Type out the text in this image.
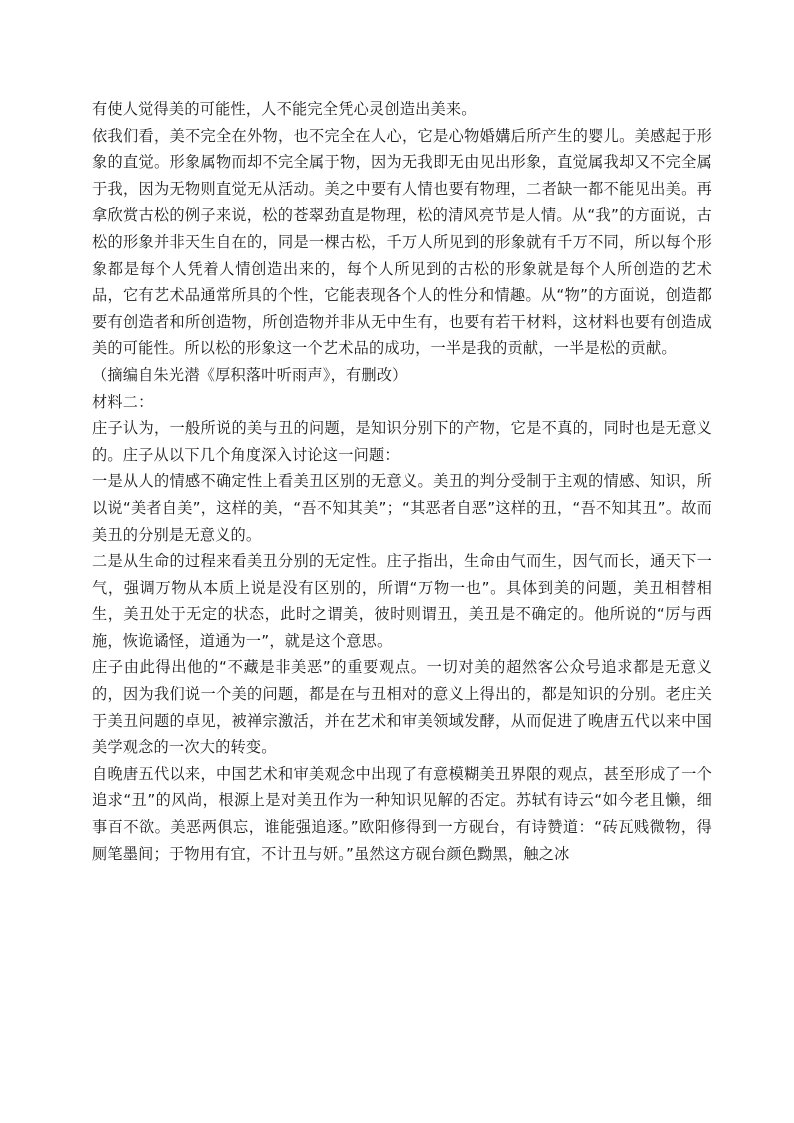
有使人觉得美的可能性，人不能完全凭心灵创造出美来。

依我们看，美不完全在外物，也不完全在人心，它是心物婚媾后所产生的婴儿。美感起于形象的直觉。形象属物而却不完全属于物，因为无我即无由见出形象，直觉属我却又不完全属于我，因为无物则直觉无从活动。美之中要有人情也要有物理，二者缺一都不能见出美。再拿欣赏古松的例子来说，松的苍翠劲直是物理，松的清风亮节是人情。从“我”的方面说，古松的形象并非天生自在的，同是一棵古松，千万人所见到的形象就有千万不同，所以每个形象都是每个人凭着人情创造出来的，每个人所见到的古松的形象就是每个人所创造的艺术品，它有艺术品通常所具的个性，它能表现各个人的性分和情趣。从“物”的方面说，创造都要有创造者和所创造物，所创造物并非从无中生有，也要有若干材料，这材料也要有创造成美的可能性。所以松的形象这一个艺术品的成功，一半是我的贡献，一半是松的贡献。

（摘编自朱光潜《厚积落叶听雨声》，有删改）

材料二：

庄子认为，一般所说的美与丑的问题，是知识分别下的产物，它是不真的，同时也是无意义的。庄子从以下几个角度深入讨论这一问题：

一是从人的情感不确定性上看美丑区别的无意义。美丑的判分受制于主观的情感、知识，所以说“美者自美”，这样的美，“吾不知其美”；“其恶者自恶”这样的丑，“吾不知其丑”。故而美丑的分别是无意义的。

二是从生命的过程来看美丑分别的无定性。庄子指出，生命由气而生，因气而长，通天下一气，强调万物从本质上说是没有区别的，所谓“万物一也”。具体到美的问题，美丑相替相生，美丑处于无定的状态，此时之谓美，彼时则谓丑，美丑是不确定的。他所说的“厉与西施，恢诡谲怪，道通为一”，就是这个意思。

庄子由此得出他的“不藏是非美恶”的重要观点。一切对美的超然客公众号追求都是无意义的，因为我们说一个美的问题，都是在与丑相对的意义上得出的，都是知识的分别。老庄关于美丑问题的卓见，被禅宗激活，并在艺术和审美领域发酵，从而促进了晚唐五代以来中国美学观念的一次大的转变。

自晚唐五代以来，中国艺术和审美观念中出现了有意模糊美丑界限的观点，甚至形成了一个追求“丑”的风尚，根源上是对美丑作为一种知识见解的否定。苏轼有诗云“如今老且懒，细事百不欲。美恶两俱忘，谁能强追逐。”欧阳修得到一方砚台，有诗赞道：“砖瓦贱微物，得厕笔墨间；于物用有宜，不计丑与妍。”虽然这方砚台颜色黝黑，触之冰
